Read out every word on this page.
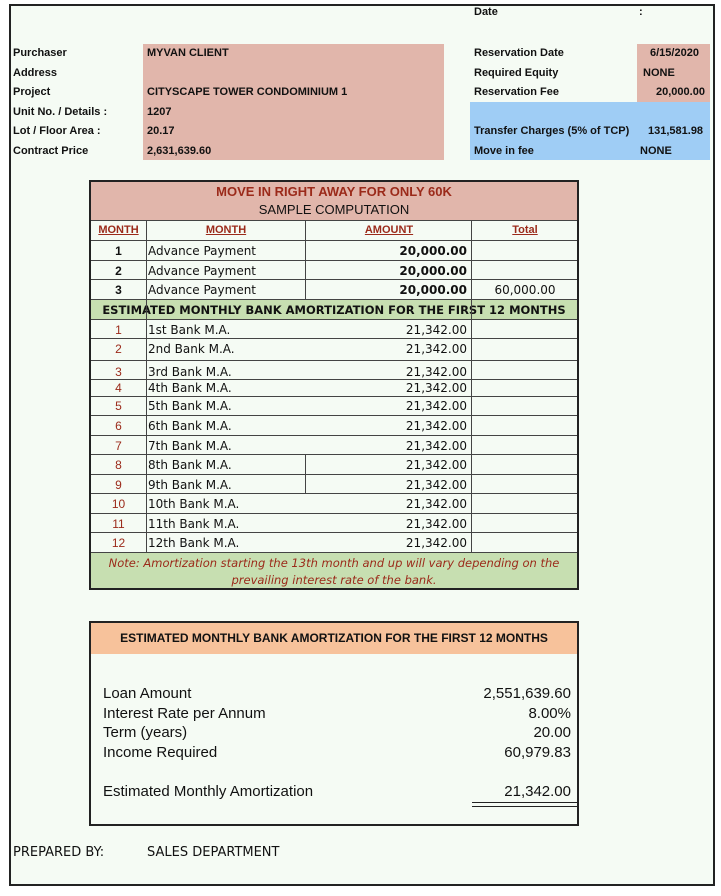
Date	:
Purchaser	MYVAN CLIENT
Address
Project	CITYSCAPE TOWER CONDOMINIUM 1
Unit No. / Details :	1207
Lot / Floor Area :	20.17
Contract Price	2,631,639.60
Reservation Date	6/15/2020
Required Equity	NONE
Reservation Fee	20,000.00
Transfer Charges (5% of TCP) 131,581.98
Move in fee	NONE
MOVE IN RIGHT AWAY FOR ONLY 60K
SAMPLE COMPUTATION
MONTH	MONTH	AMOUNT	Total
1	Advance Payment	20,000.00
2	Advance Payment	20,000.00
3	Advance Payment	20,000.00	60,000.00
ESTIMATED MONTHLY BANK AMORTIZATION FOR THE FIRST 12 MONTHS
1	1st Bank M.A.	21,342.00
2	2nd Bank M.A.	21,342.00
3	3rd Bank M.A.	21,342.00
4	4th Bank M.A.	21,342.00
5	5th Bank M.A.	21,342.00
6	6th Bank M.A.	21,342.00
7	7th Bank M.A.	21,342.00
8	8th Bank M.A.	21,342.00
9	9th Bank M.A.	21,342.00
10	10th Bank M.A.	21,342.00
11	11th Bank M.A.	21,342.00
12	12th Bank M.A.	21,342.00
Note: Amortization starting the 13th month and up will vary depending on the
prevailing interest rate of the bank.
ESTIMATED MONTHLY BANK AMORTIZATION FOR THE FIRST 12 MONTHS
Loan Amount	2,551,639.60
Interest Rate per Annum	8.00%
Term (years)	20.00
Income Required	60,979.83
Estimated Monthly Amortization	21,342.00
PREPARED BY:	SALES DEPARTMENT
